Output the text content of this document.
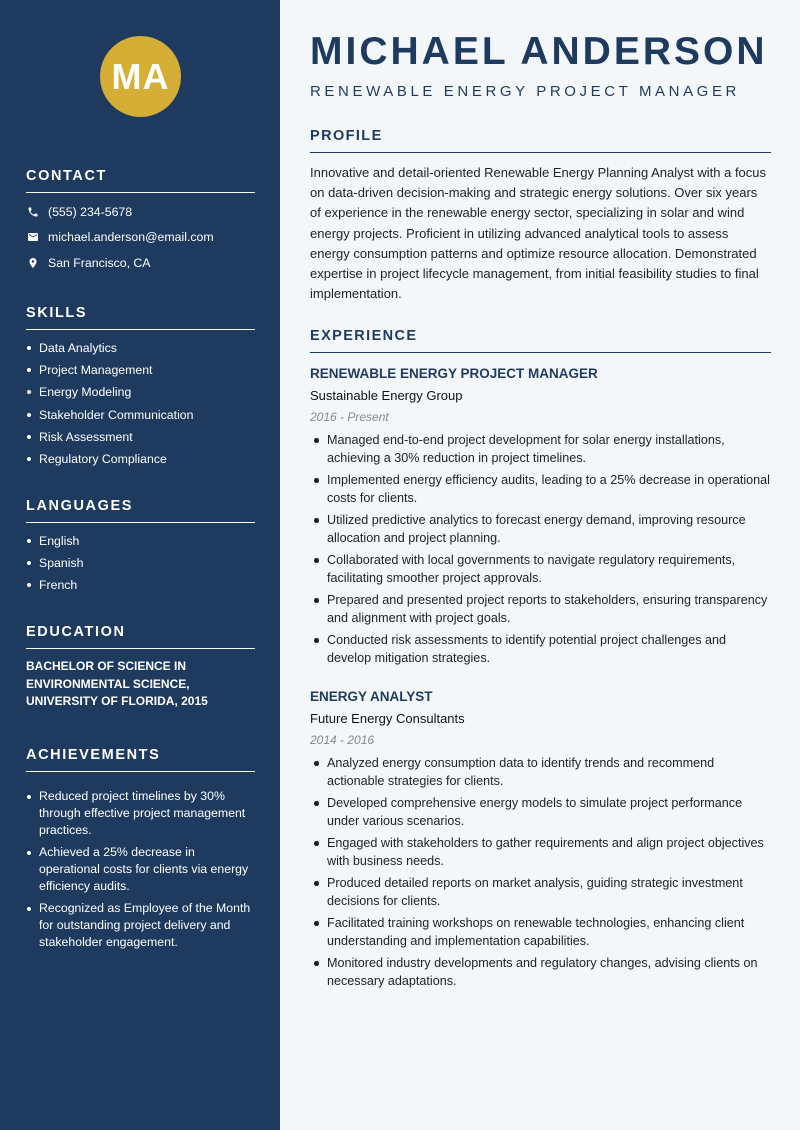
MA
CONTACT
(555) 234-5678
michael.anderson@email.com
San Francisco, CA
SKILLS
Data Analytics
Project Management
Energy Modeling
Stakeholder Communication
Risk Assessment
Regulatory Compliance
LANGUAGES
English
Spanish
French
EDUCATION
BACHELOR OF SCIENCE IN ENVIRONMENTAL SCIENCE, UNIVERSITY OF FLORIDA, 2015
ACHIEVEMENTS
Reduced project timelines by 30% through effective project management practices.
Achieved a 25% decrease in operational costs for clients via energy efficiency audits.
Recognized as Employee of the Month for outstanding project delivery and stakeholder engagement.
MICHAEL ANDERSON
RENEWABLE ENERGY PROJECT MANAGER
PROFILE
Innovative and detail-oriented Renewable Energy Planning Analyst with a focus on data-driven decision-making and strategic energy solutions. Over six years of experience in the renewable energy sector, specializing in solar and wind energy projects. Proficient in utilizing advanced analytical tools to assess energy consumption patterns and optimize resource allocation. Demonstrated expertise in project lifecycle management, from initial feasibility studies to final implementation.
EXPERIENCE
RENEWABLE ENERGY PROJECT MANAGER
Sustainable Energy Group
2016 - Present
Managed end-to-end project development for solar energy installations, achieving a 30% reduction in project timelines.
Implemented energy efficiency audits, leading to a 25% decrease in operational costs for clients.
Utilized predictive analytics to forecast energy demand, improving resource allocation and project planning.
Collaborated with local governments to navigate regulatory requirements, facilitating smoother project approvals.
Prepared and presented project reports to stakeholders, ensuring transparency and alignment with project goals.
Conducted risk assessments to identify potential project challenges and develop mitigation strategies.
ENERGY ANALYST
Future Energy Consultants
2014 - 2016
Analyzed energy consumption data to identify trends and recommend actionable strategies for clients.
Developed comprehensive energy models to simulate project performance under various scenarios.
Engaged with stakeholders to gather requirements and align project objectives with business needs.
Produced detailed reports on market analysis, guiding strategic investment decisions for clients.
Facilitated training workshops on renewable technologies, enhancing client understanding and implementation capabilities.
Monitored industry developments and regulatory changes, advising clients on necessary adaptations.
